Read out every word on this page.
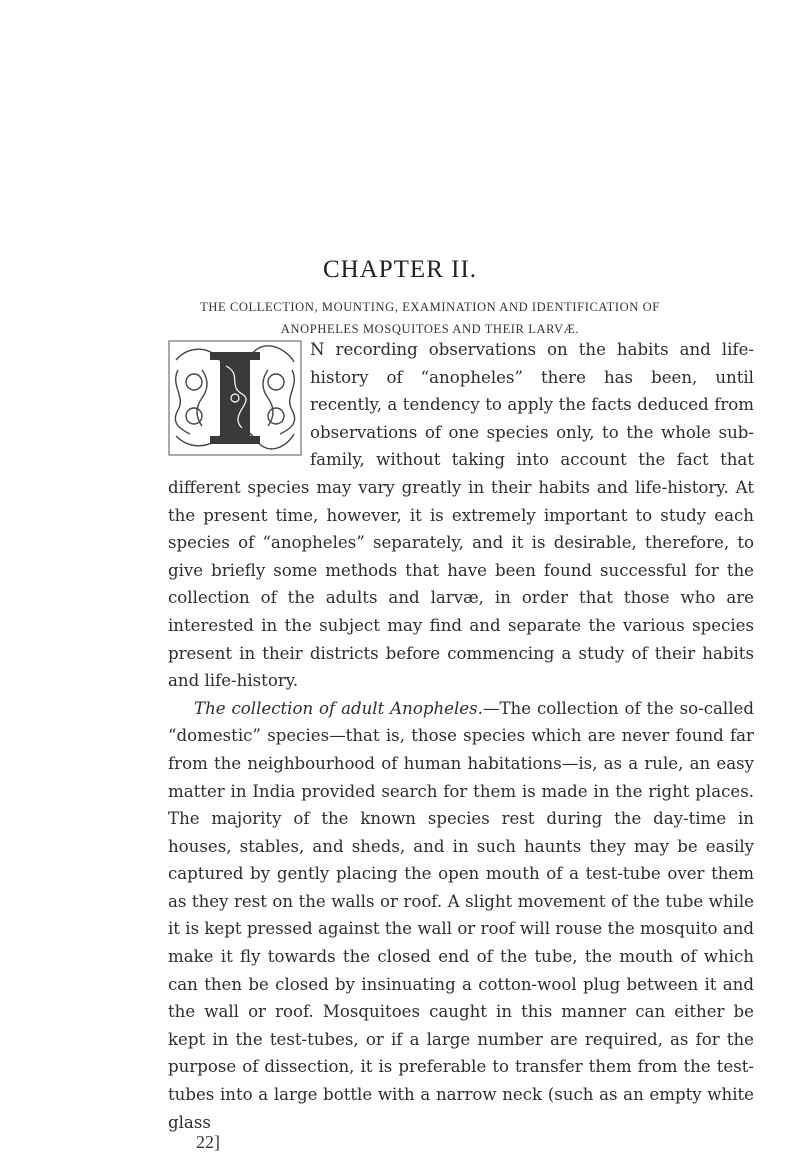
CHAPTER II.
THE COLLECTION, MOUNTING, EXAMINATION AND IDENTIFICATION OF ANOPHELES MOSQUITOES AND THEIR LARVÆ.

N recording observations on the habits and life-history of “anopheles” there has been, until recently, a tendency to apply the facts deduced from observations of one species only, to the whole sub-family, without taking into account the fact that different species may vary greatly in their habits and life-history. At the present time, however, it is extremely important to study each species of “anopheles” separately, and it is desirable, therefore, to give briefly some methods that have been found successful for the collection of the adults and larvæ, in order that those who are interested in the subject may find and separate the various species present in their districts before commencing a study of their habits and life-history.

The collection of adult Anopheles.—The collection of the so-called “domestic” species—that is, those species which are never found far from the neighbourhood of human habitations—is, as a rule, an easy matter in India provided search for them is made in the right places. The majority of the known species rest during the day-time in houses, stables, and sheds, and in such haunts they may be easily captured by gently placing the open mouth of a test-tube over them as they rest on the walls or roof. A slight movement of the tube while it is kept pressed against the wall or roof will rouse the mosquito and make it fly towards the closed end of the tube, the mouth of which can then be closed by insinuating a cotton-wool plug between it and the wall or roof. Mosquitoes caught in this manner can either be kept in the test-tubes, or if a large number are required, as for the purpose of dissection, it is preferable to transfer them from the test-tubes into a large bottle with a narrow neck (such as an empty white glass

22]
